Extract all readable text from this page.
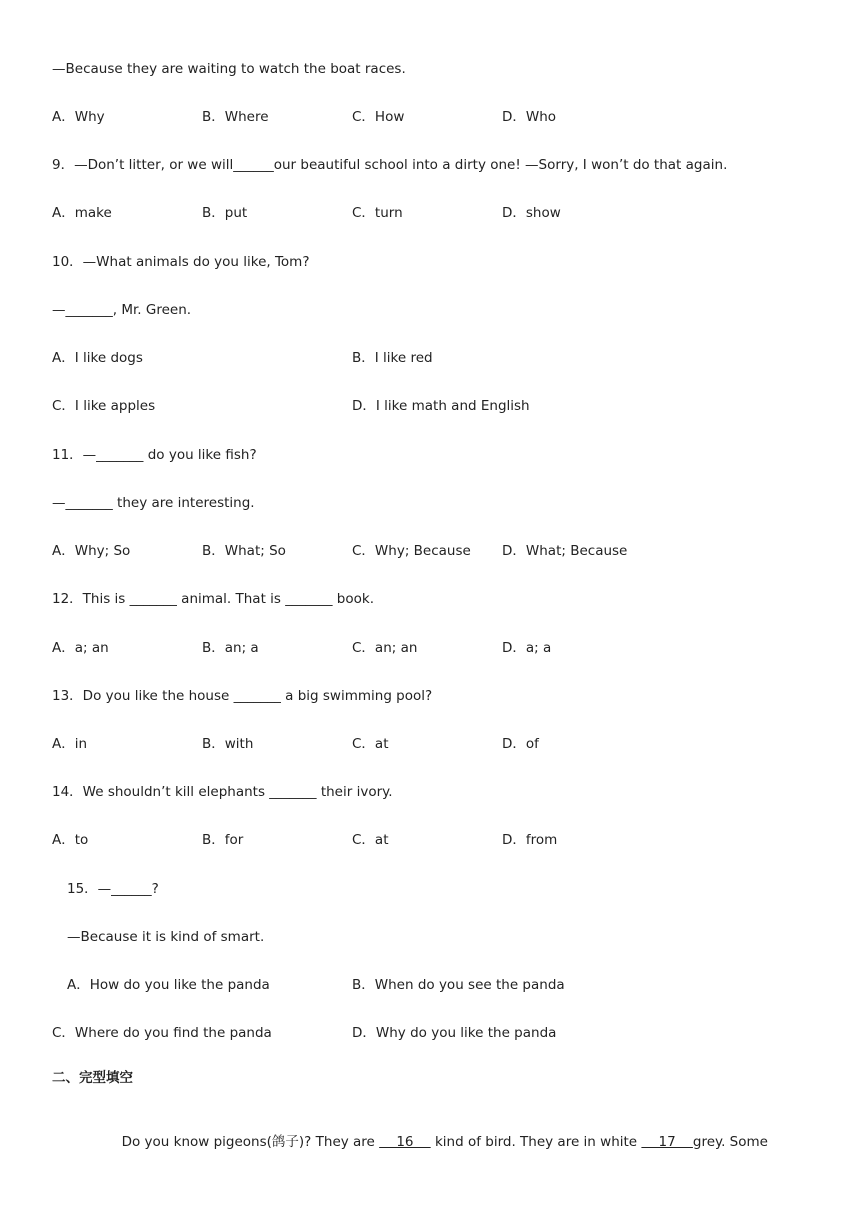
—Because they are waiting to watch the boat races.
A．Why	B．Where	C．How	D．Who
9．—Don’t litter, or we will______our beautiful school into a dirty one! —Sorry, I won’t do that again.
A．make	B．put	C．turn	D．show
10．—What animals do you like, Tom?
—_______, Mr. Green.
A．I like dogs	B．I like red
C．I like apples	D．I like math and English
11．—_______ do you like fish?
—_______ they are interesting.
A．Why; So	B．What; So	C．Why; Because D．What; Because
12．This is _______ animal. That is _______ book.
A．a; an	B．an; a	C．an; an	D．a; a
13．Do you like the house _______ a big swimming pool?
A．in	B．with	C．at	D．of
14．We shouldn’t kill elephants _______ their ivory.
A．to	B．for	C．at	D．from
15．—______?
—Because it is kind of smart.
A．How do you like the panda	B．When do you see the panda
C．Where do you find the panda	D．Why do you like the panda
二、完型填空

Do you know pigeons(鸽子)? They are     16     kind of bird. They are in white     17    grey. Some
